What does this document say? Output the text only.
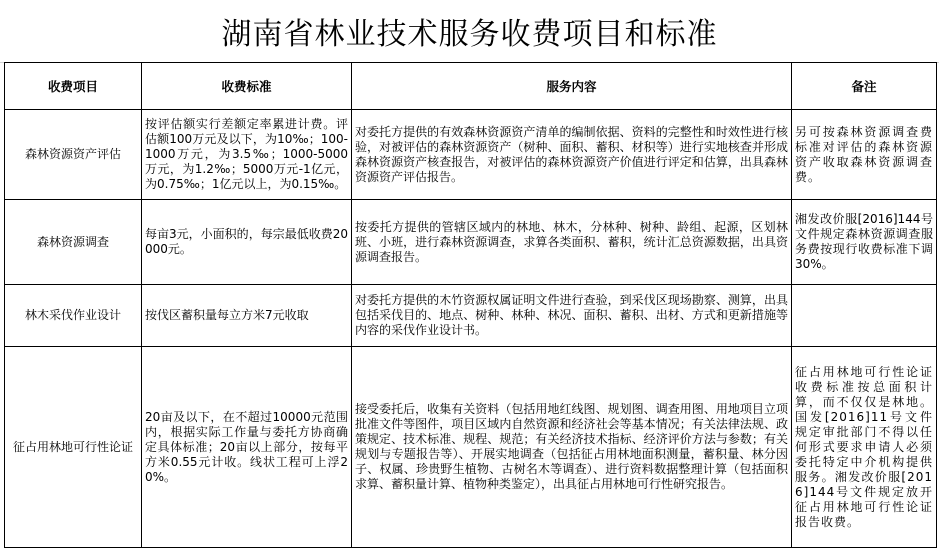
湖南省林业技术服务收费项目和标准
收费项目	收费标准	服务内容	备注
森林资源资产评估	按评估额实行差额定率累进计费。评估额100万元及以下，为10‰；100-1000万元，为3.5‰；1000-5000万元，为1.2‰；5000万元-1亿元，为0.75‰；1亿元以上，为0.15‰。	对委托方提供的有效森林资源资产清单的编制依据、资料的完整性和时效性进行核验，对被评估的森林资源资产（树种、面积、蓄积、材积等）进行实地核查并形成森林资源资产核查报告，对被评估的森林资源资产价值进行评定和估算，出具森林资源资产评估报告。	另可按森林资源调查费标准对评估的森林资源资产收取森林资源调查费。
森林资源调查	每亩3元，小面积的，每宗最低收费20000元。	按委托方提供的管辖区域内的林地、林木，分林种、树种、龄组、起源，区划林班、小班，进行森林资源调查，求算各类面积、蓄积，统计汇总资源数据，出具资源调查报告。	湘发改价服[2016]144号文件规定森林资源调查服务费按现行收费标准下调30%。
林木采伐作业设计	按伐区蓄积量每立方米7元收取	对委托方提供的木竹资源权属证明文件进行查验，到采伐区现场勘察、测算，出具包括采伐目的、地点、树种、林种、林况、面积、蓄积、出材、方式和更新措施等内容的采伐作业设计书。	
征占用林地可行性论证	20亩及以下，在不超过10000元范围内，根据实际工作量与委托方协商确定具体标准；20亩以上部分，按每平方米0.55元计收。线状工程可上浮20%。	接受委托后，收集有关资料（包括用地红线图、规划图、调查用图、用地项目立项批准文件等图件，项目区域内自然资源和经济社会等基本情况；有关法律法规、政策规定、技术标准、规程、规范；有关经济技术指标、经济评价方法与参数；有关规划与专题报告等）、开展实地调查（包括征占用林地面积测量，蓄积量、林分因子、权属、珍贵野生植物、古树名木等调查）、进行资料数据整理计算（包括面积求算、蓄积量计算、植物种类鉴定），出具征占用林地可行性研究报告。	征占用林地可行性论证收费标准按总面积计算，而不仅仅是林地。国发[2016]11号文件规定审批部门不得以任何形式要求申请人必须委托特定中介机构提供服务。湘发改价服[2016]144号文件规定放开征占用林地可行性论证报告收费。
